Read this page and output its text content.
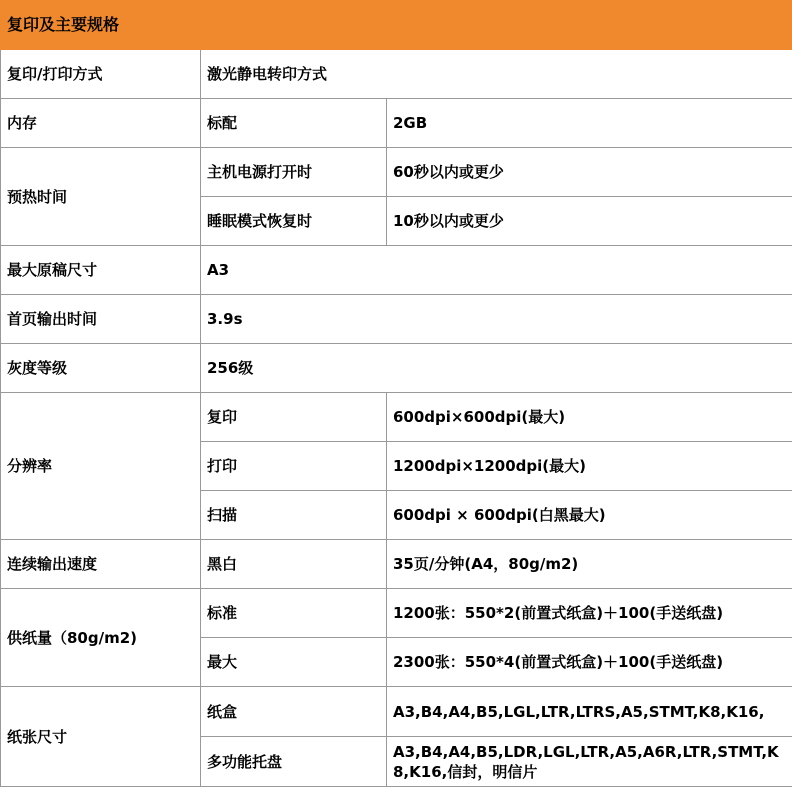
复印及主要规格		
复印/打印方式	激光静电转印方式	
内存	标配	2GB
预热时间	主机电源打开时	60秒以内或更少
	睡眠模式恢复时	10秒以内或更少
最大原稿尺寸	A3	
首页输出时间	3.9s	
灰度等级	256级	
分辨率	复印	600dpi×600dpi(最大)
	打印	1200dpi×1200dpi(最大)
	扫描	600dpi × 600dpi(白黑最大)
连续输出速度	黑白	35页/分钟(A4，80g/m2)
供纸量（80g/m2)	标准	1200张：550*2(前置式纸盒)＋100(手送纸盘)
	最大	2300张：550*4(前置式纸盒)＋100(手送纸盘)
纸张尺寸	纸盒	A3,B4,A4,B5,LGL,LTR,LTRS,A5,STMT,K8,K16,
	多功能托盘	A3,B4,A4,B5,LDR,LGL,LTR,A5,A6R,LTR,STMT,K8,K16,信封，明信片
